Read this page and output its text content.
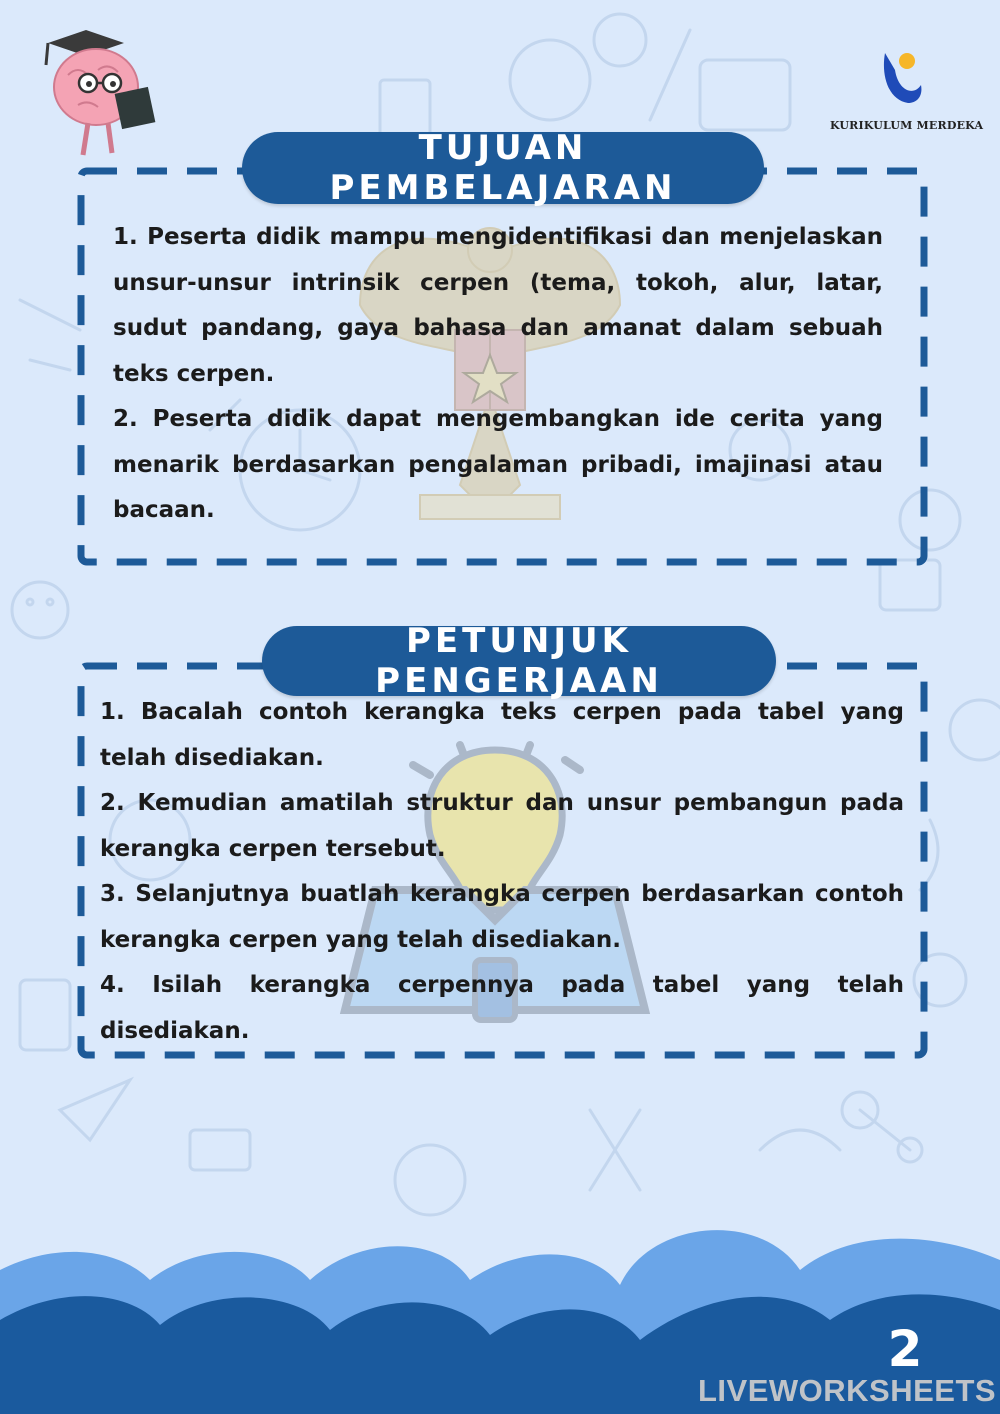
KURIKULUM MERDEKA
TUJUAN PEMBELAJARAN

1. Peserta didik mampu mengidentifikasi dan menjelaskan unsur-unsur intrinsik cerpen (tema, tokoh, alur, latar, sudut pandang, gaya bahasa dan amanat dalam sebuah teks cerpen.

2. Peserta didik dapat mengembangkan ide cerita yang menarik berdasarkan pengalaman pribadi, imajinasi atau bacaan.

PETUNJUK PENGERJAAN

1. Bacalah contoh kerangka teks cerpen pada tabel yang telah disediakan.

2. Kemudian amatilah struktur dan unsur pembangun pada kerangka cerpen tersebut.

3. Selanjutnya buatlah kerangka cerpen berdasarkan contoh kerangka cerpen yang telah disediakan.

4. Isilah kerangka cerpennya pada tabel yang telah disediakan.

2
LIVEWORKSHEETS
